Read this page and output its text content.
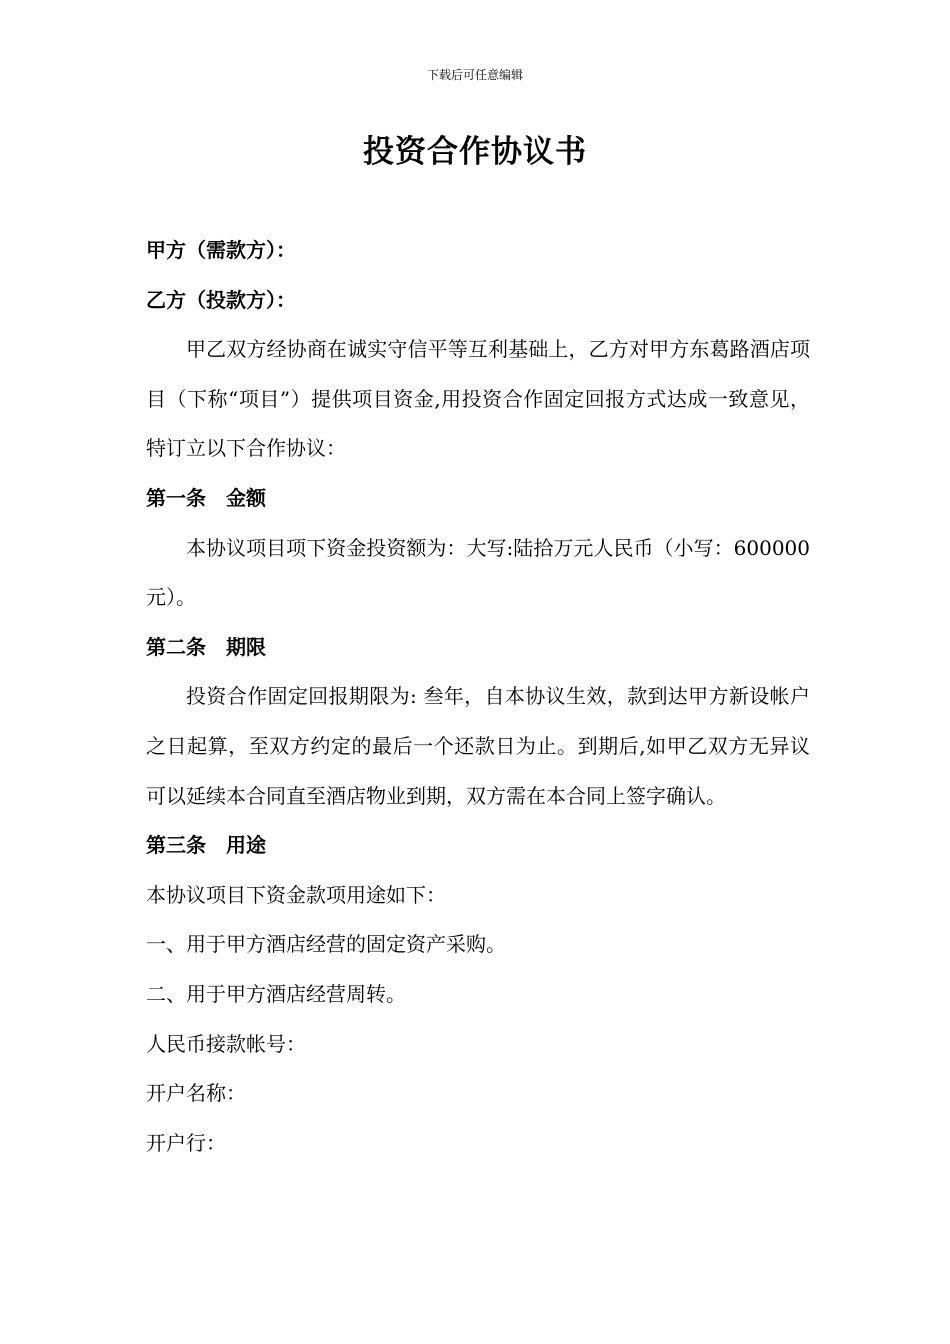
下载后可任意编辑
投资合作协议书

甲方（需款方）：

乙方（投款方）：

甲乙双方经协商在诚实守信平等互利基础上，乙方对甲方东葛路酒店项目（下称“项目”）提供项目资金,用投资合作固定回报方式达成一致意见，特订立以下合作协议：

第一条　金额

本协议项目项下资金投资额为：大写:陆拾万元人民币（小写：600000元）。

第二条　期限

投资合作固定回报期限为: 叁年，自本协议生效，款到达甲方新设帐户之日起算，至双方约定的最后一个还款日为止。到期后,如甲乙双方无异议可以延续本合同直至酒店物业到期，双方需在本合同上签字确认。

第三条　用途

本协议项目下资金款项用途如下：

一、用于甲方酒店经营的固定资产采购。

二、用于甲方酒店经营周转。

人民币接款帐号：

开户名称：

开户行：
